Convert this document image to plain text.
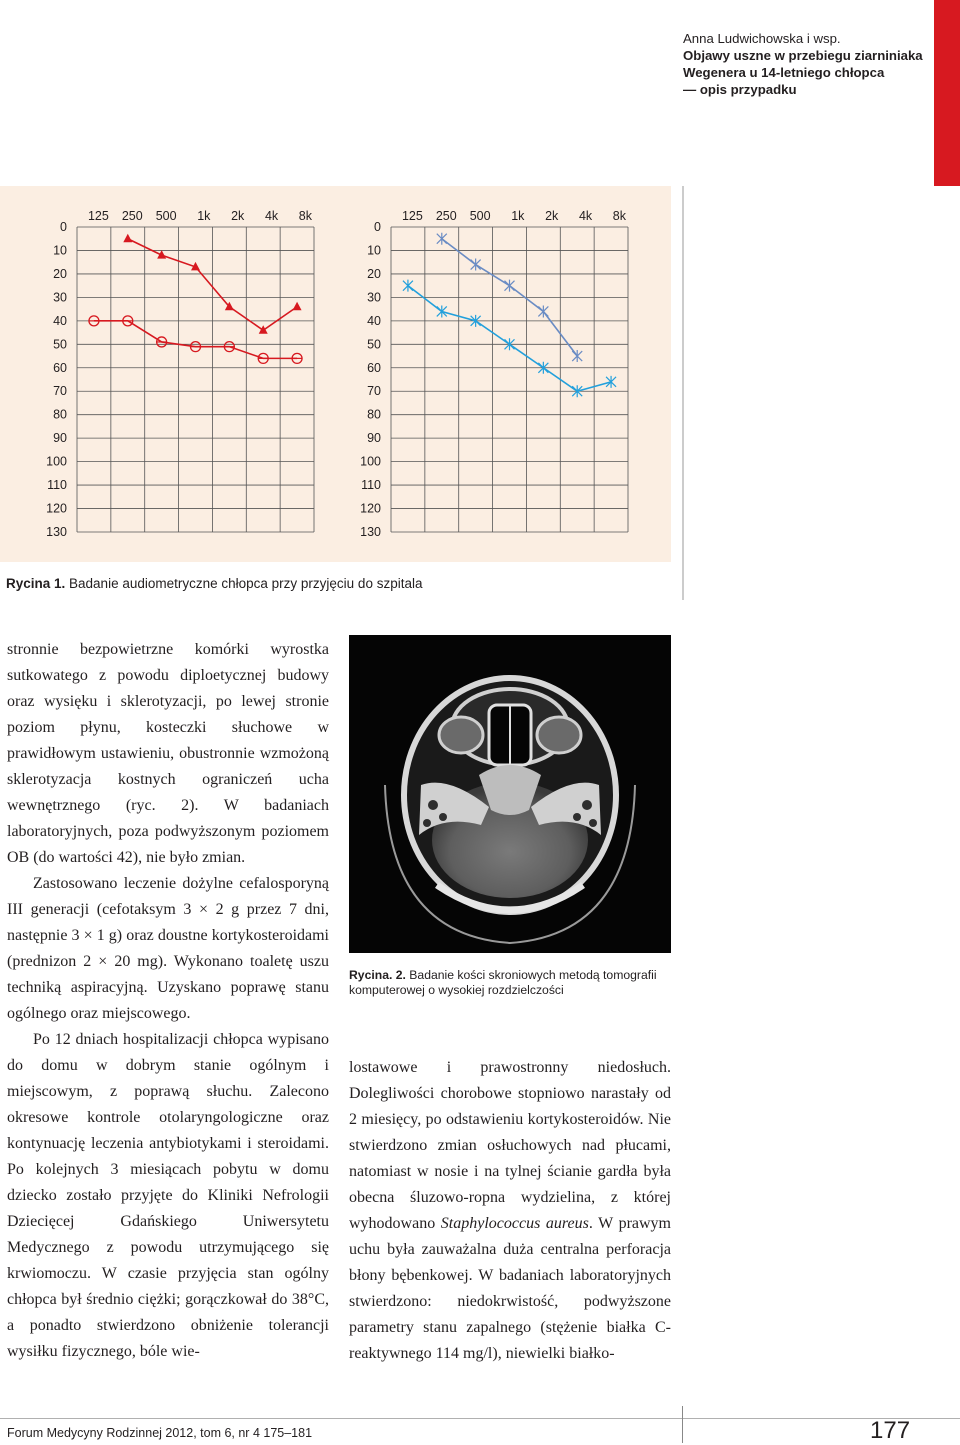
Anna Ludwichowska i wsp.
Objawy uszne w przebiegu ziarniniaka
Wegenera u 14-letniego chłopca
— opis przypadku
0
10
20
30
40
50
60
70
80
90
100
110
120
130
125 250 500 1k 2k 4k 8k
0
10
20
30
40
50
60
70
80
90
100
110
120
130
125 250 500 1k 2k 4k 8k
Rycina 1. Badanie audiometryczne chłopca przy przyjęciu do szpitala

stronnie bezpowietrzne komórki wyrostka sutkowatego z powodu diploetycznej budowy oraz wysięku i sklerotyzacji, po lewej stronie poziom płynu, kosteczki słuchowe w prawidłowym ustawieniu, obustronnie wzmożoną sklerotyzacja kostnych ograniczeń ucha wewnętrznego (ryc. 2). W badaniach laboratoryjnych, poza podwyższonym poziomem OB (do wartości 42), nie było zmian.

Zastosowano leczenie dożylne cefalosporyną III generacji (cefotaksym 3 × 2 g przez 7 dni, następnie 3 × 1 g) oraz doustne kortykosteroidami (prednizon 2 × 20 mg). Wykonano toaletę uszu techniką aspiracyjną. Uzyskano poprawę stanu ogólnego oraz miejscowego.

Po 12 dniach hospitalizacji chłopca wypisano do domu w dobrym stanie ogólnym i miejscowym, z poprawą słuchu. Zalecono okresowe kontrole otolaryngologiczne oraz kontynuację leczenia antybiotykami i sterоidami. Po kolejnych 3 miesiącach pobytu w domu dziecko zostało przyjęte do Kliniki Nefrologii Dziecięcej Gdańskiego Uniwersytetu Medycznego z powodu utrzymującego się krwiomoczu. W czasie przyjęcia stan ogólny chłopca był średnio ciężki; gorączkował do 38°C, a ponadto stwierdzono obniżenie tolerancji wysiłku fizycznego, bóle wie-

Rycina. 2. Badanie kości skroniowych metodą tomografii komputerowej o wysokiej rozdzielczości

lostawowe i prawostronny niedosłuch. Dolegliwości chorobowe stopniowo narastały od 2 miesięcy, po odstawieniu kortykosteroidów. Nie stwierdzono zmian osłuchowych nad płucami, natomiast w nosie i na tylnej ścianie gardła była obecna śluzowo-ropna wydzielina, z której wyhodowano Staphylococcus aureus. W prawym uchu była zauważalna duża centralna perforacja błony bębenkowej. W badaniach laboratoryjnych stwierdzono: niedokrwistość, podwyższone parametry stanu zapalnego (stężenie białka C-reaktywnego 114 mg/l), niewielki białko-

Forum Medycyny Rodzinnej 2012, tom 6, nr 4 175–181	177
